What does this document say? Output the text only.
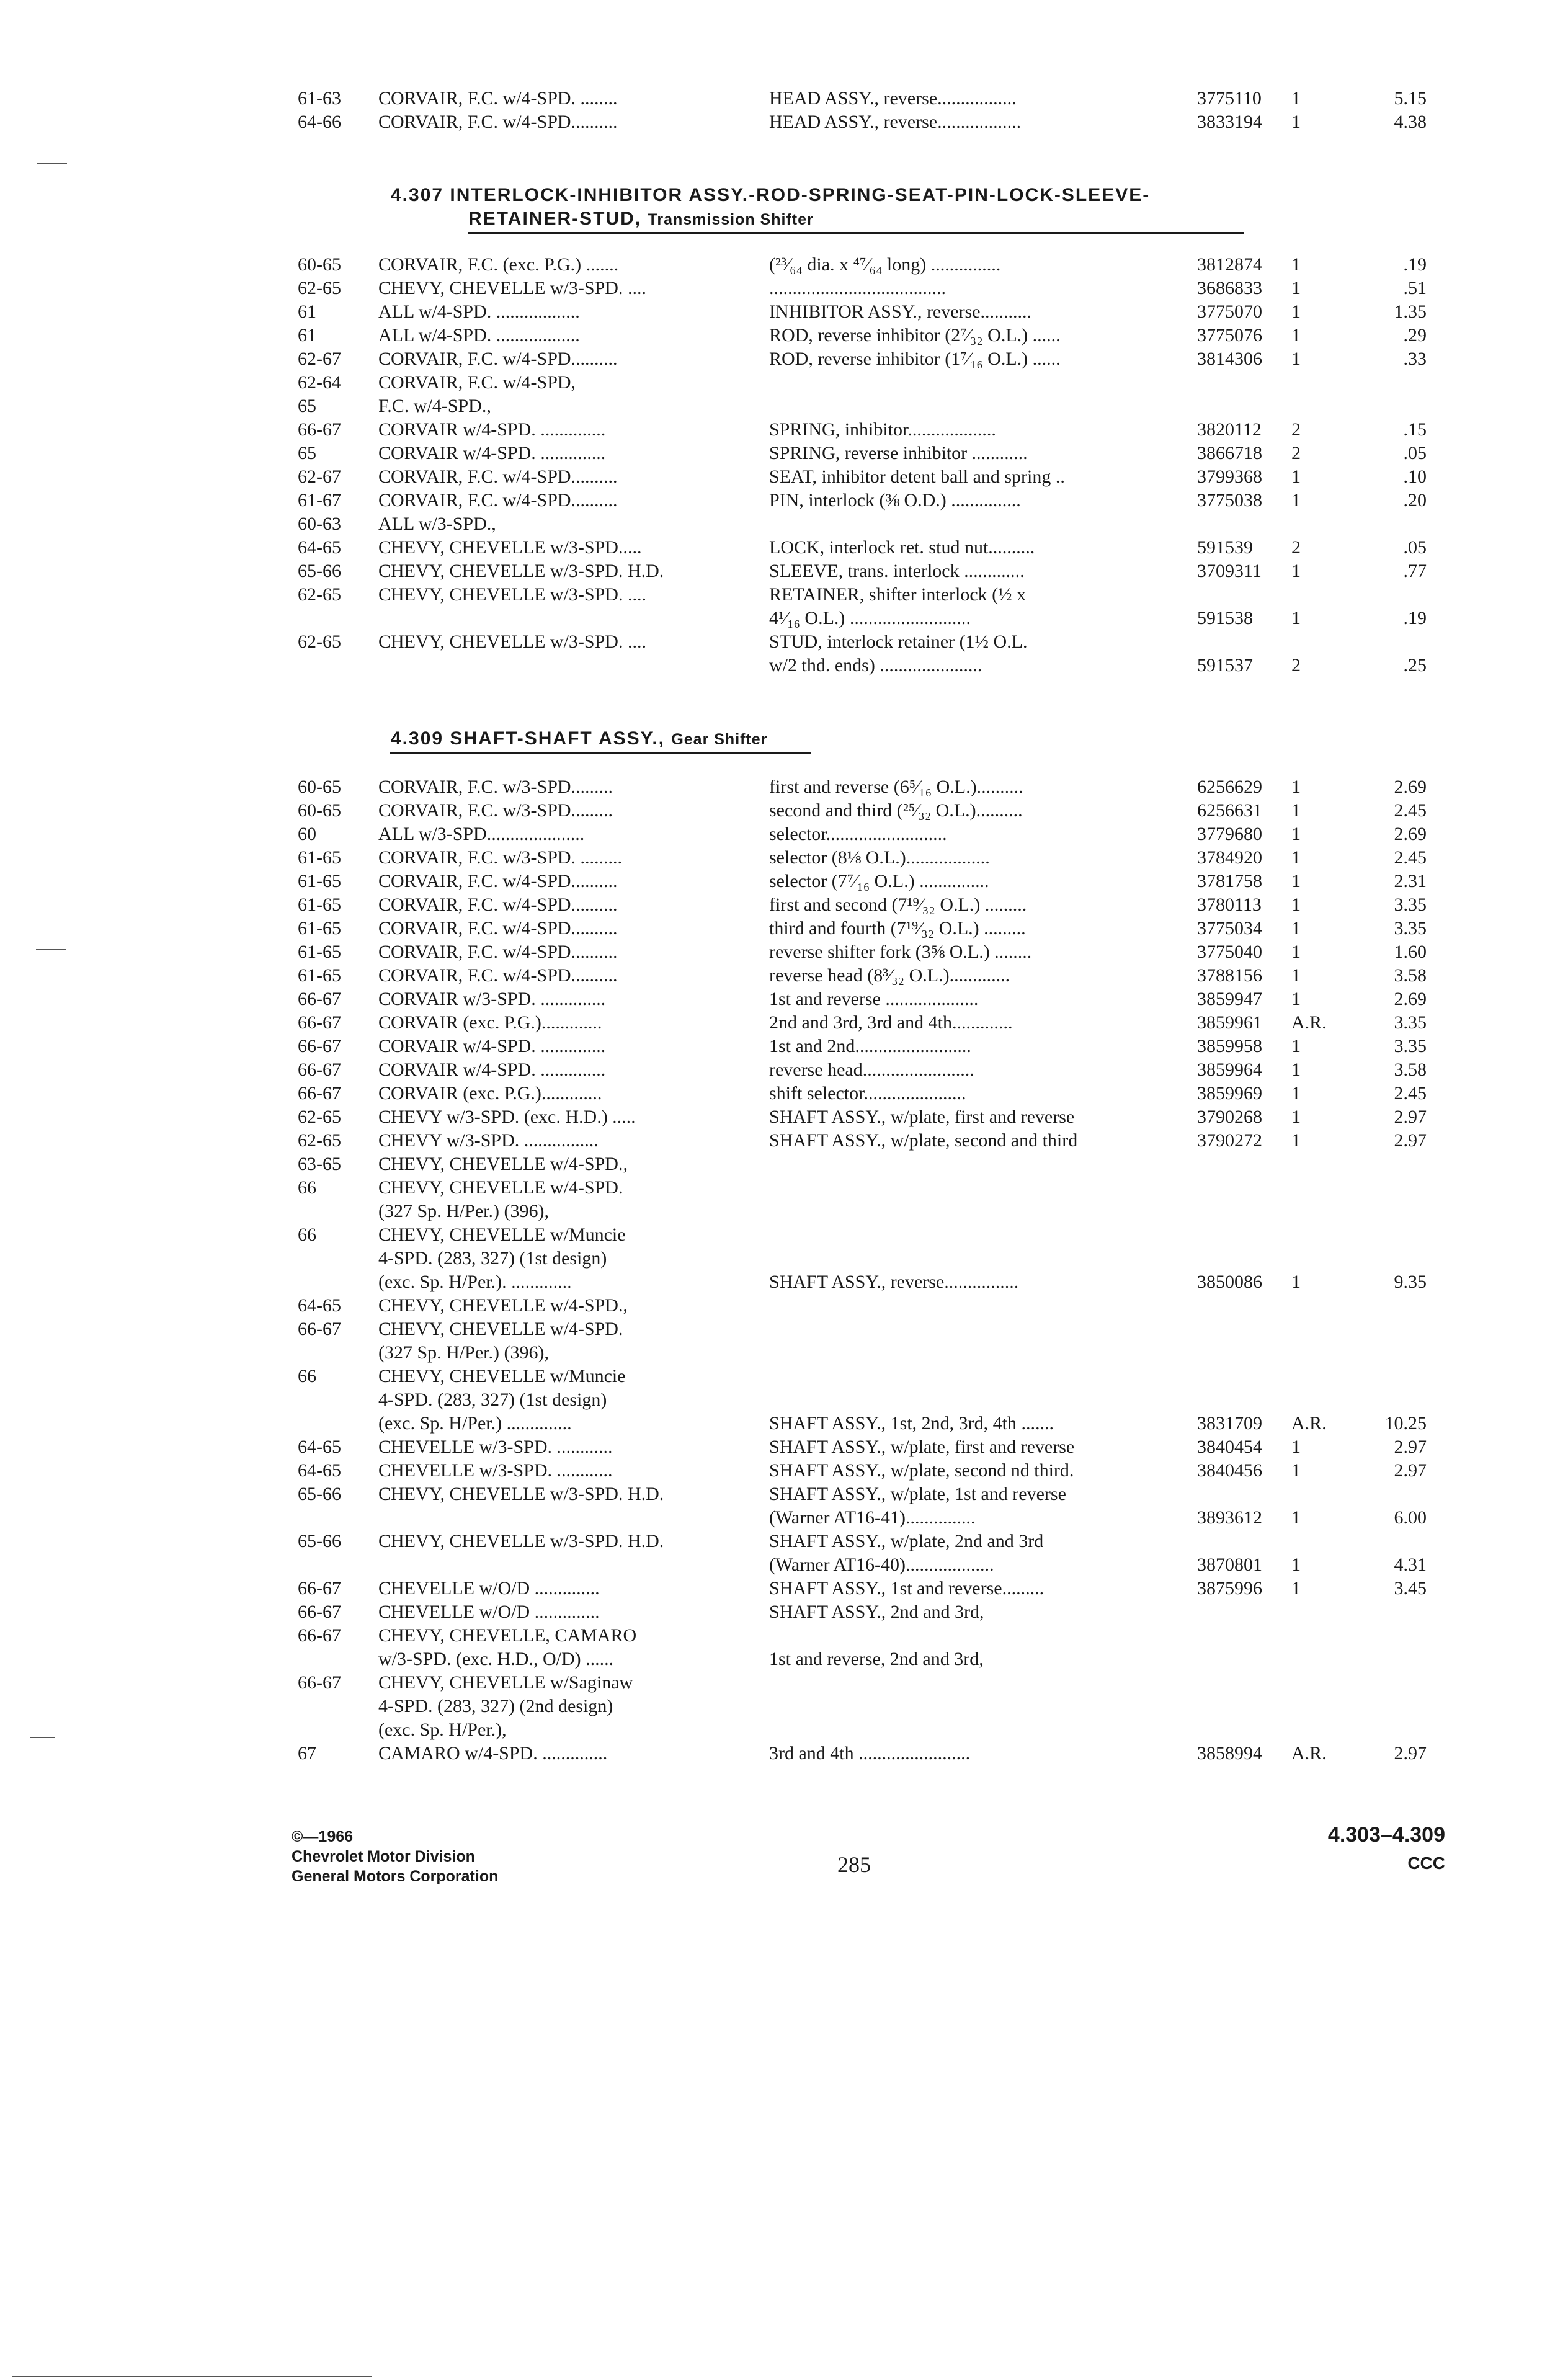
61-63 CORVAIR, F.C. w/4-SPD. ........	HEAD ASSY., reverse.................	3775110 1	5.15
64-66 CORVAIR, F.C. w/4-SPD..........	HEAD ASSY., reverse..................	3833194 1	4.38
4.307 INTERLOCK-INHIBITOR ASSY.-ROD-SPRING-SEAT-PIN-LOCK-SLEEVE-
RETAINER-STUD, Transmission Shifter
60-65 CORVAIR, F.C. (exc. P.G.) .......	(²³⁄₆₄ dia. x ⁴⁷⁄₆₄ long) ...............	3812874 1	.19
62-65 CHEVY, CHEVELLE w/3-SPD. ....	......................................	3686833 1	.51
61	ALL w/4-SPD. ..................	INHIBITOR ASSY., reverse...........	3775070 1	1.35
61	ALL w/4-SPD. ..................	ROD, reverse inhibitor (2⁷⁄₃₂ O.L.) ......	3775076 1	.29
62-67 CORVAIR, F.C. w/4-SPD..........	ROD, reverse inhibitor (1⁷⁄₁₆ O.L.) ......	3814306 1	.33
62-64 CORVAIR, F.C. w/4-SPD,
65	F.C. w/4-SPD.,
66-67 CORVAIR w/4-SPD. ..............	SPRING, inhibitor...................	3820112 2	.15
65	CORVAIR w/4-SPD. ..............	SPRING, reverse inhibitor ............	3866718 2	.05
62-67 CORVAIR, F.C. w/4-SPD..........	SEAT, inhibitor detent ball and spring ..	3799368 1	.10
61-67 CORVAIR, F.C. w/4-SPD..........	PIN, interlock (⅜ O.D.) ...............	3775038 1	.20
60-63 ALL w/3-SPD.,
64-65 CHEVY, CHEVELLE w/3-SPD.....	LOCK, interlock ret. stud nut..........	591539 2	.05
65-66 CHEVY, CHEVELLE w/3-SPD. H.D.	SLEEVE, trans. interlock .............	3709311 1	.77
62-65 CHEVY, CHEVELLE w/3-SPD. ....	RETAINER, shifter interlock (½ x
4¹⁄₁₆ O.L.) ..........................	591538 1	.19
62-65 CHEVY, CHEVELLE w/3-SPD. ....	STUD, interlock retainer (1½ O.L.
w/2 thd. ends) ......................	591537 2	.25
4.309 SHAFT-SHAFT ASSY., Gear Shifter
60-65 CORVAIR, F.C. w/3-SPD.........	first and reverse (6⁵⁄₁₆ O.L.)..........	6256629 1	2.69
60-65 CORVAIR, F.C. w/3-SPD.........	second and third (²⁵⁄₃₂ O.L.)..........	6256631 1	2.45
60	ALL w/3-SPD.....................	selector..........................	3779680 1	2.69
61-65 CORVAIR, F.C. w/3-SPD. .........	selector (8⅛ O.L.)..................	3784920 1	2.45
61-65 CORVAIR, F.C. w/4-SPD..........	selector (7⁷⁄₁₆ O.L.) ...............	3781758 1	2.31
61-65 CORVAIR, F.C. w/4-SPD..........	first and second (7¹⁹⁄₃₂ O.L.) .........	3780113 1	3.35
61-65 CORVAIR, F.C. w/4-SPD..........	third and fourth (7¹⁹⁄₃₂ O.L.) .........	3775034 1	3.35
61-65 CORVAIR, F.C. w/4-SPD..........	reverse shifter fork (3⅝ O.L.) ........	3775040 1	1.60
61-65 CORVAIR, F.C. w/4-SPD..........	reverse head (8³⁄₃₂ O.L.).............	3788156 1	3.58
66-67 CORVAIR w/3-SPD. ..............	1st and reverse ....................	3859947 1	2.69
66-67 CORVAIR (exc. P.G.).............	2nd and 3rd, 3rd and 4th.............	3859961 A.R.	3.35
66-67 CORVAIR w/4-SPD. ..............	1st and 2nd.........................	3859958 1	3.35
66-67 CORVAIR w/4-SPD. ..............	reverse head........................	3859964 1	3.58
66-67 CORVAIR (exc. P.G.).............	shift selector......................	3859969 1	2.45
62-65 CHEVY w/3-SPD. (exc. H.D.) .....	SHAFT ASSY., w/plate, first and reverse	3790268 1	2.97
62-65 CHEVY w/3-SPD. ................	SHAFT ASSY., w/plate, second and third	3790272 1	2.97
63-65 CHEVY, CHEVELLE w/4-SPD.,
66	CHEVY, CHEVELLE w/4-SPD.
(327 Sp. H/Per.) (396),
66	CHEVY, CHEVELLE w/Muncie
4-SPD. (283, 327) (1st design)
(exc. Sp. H/Per.). .............	SHAFT ASSY., reverse................	3850086 1	9.35
64-65 CHEVY, CHEVELLE w/4-SPD.,
66-67 CHEVY, CHEVELLE w/4-SPD.
(327 Sp. H/Per.) (396),
66	CHEVY, CHEVELLE w/Muncie
4-SPD. (283, 327) (1st design)
(exc. Sp. H/Per.) ..............	SHAFT ASSY., 1st, 2nd, 3rd, 4th .......	3831709 A.R.	10.25
64-65 CHEVELLE w/3-SPD. ............	SHAFT ASSY., w/plate, first and reverse	3840454 1	2.97
64-65 CHEVELLE w/3-SPD. ............	SHAFT ASSY., w/plate, second nd third.	3840456 1	2.97
65-66 CHEVY, CHEVELLE w/3-SPD. H.D.	SHAFT ASSY., w/plate, 1st and reverse
(Warner AT16-41)...............	3893612 1	6.00
65-66 CHEVY, CHEVELLE w/3-SPD. H.D.	SHAFT ASSY., w/plate, 2nd and 3rd
(Warner AT16-40)...................	3870801 1	4.31
66-67 CHEVELLE w/O/D ..............	SHAFT ASSY., 1st and reverse.........	3875996 1	3.45
66-67 CHEVELLE w/O/D ..............	SHAFT ASSY., 2nd and 3rd,
66-67 CHEVY, CHEVELLE, CAMARO
w/3-SPD. (exc. H.D., O/D) ......	1st and reverse, 2nd and 3rd,
66-67 CHEVY, CHEVELLE w/Saginaw
4-SPD. (283, 327) (2nd design)
(exc. Sp. H/Per.),
67	CAMARO w/4-SPD. ..............	3rd and 4th ........................	3858994 A.R.	2.97
©—1966
Chevrolet Motor Division
General Motors Corporation	285
4.303–4.309
CCC
